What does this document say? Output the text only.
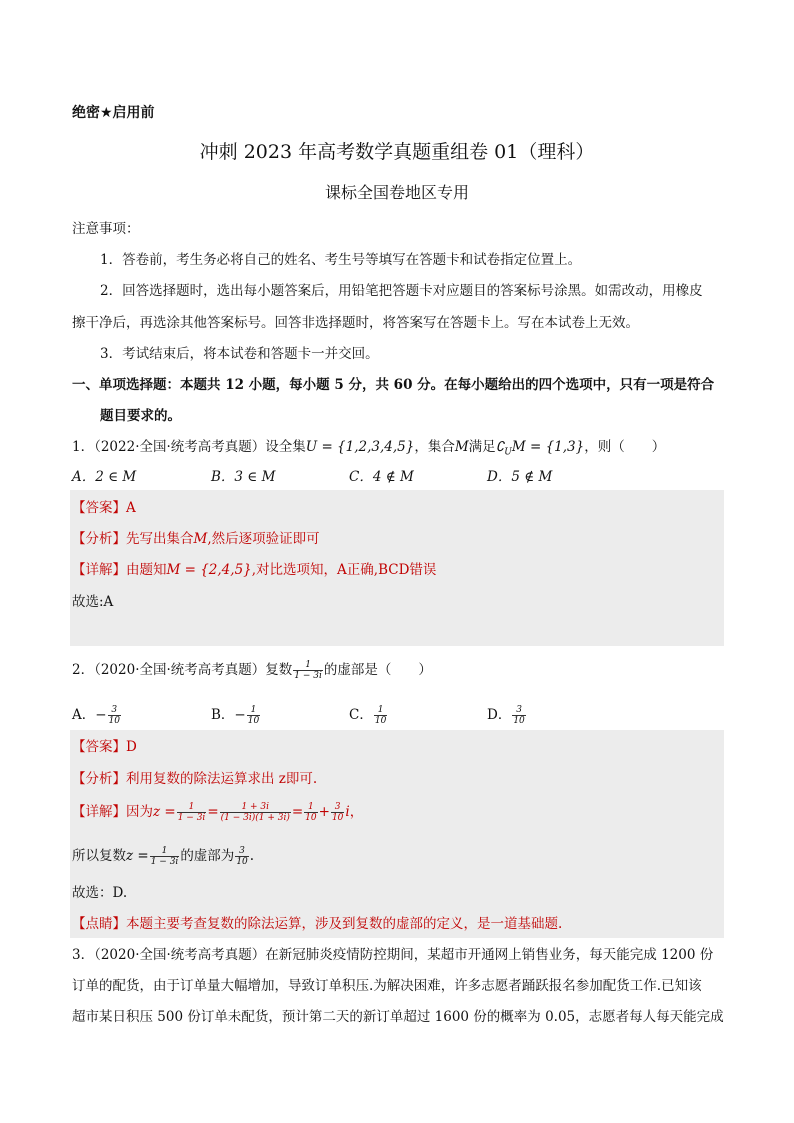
绝密★启用前
冲刺 2023 年高考数学真题重组卷 01（理科）
课标全国卷地区专用
注意事项：
1．答卷前，考生务必将自己的姓名、考生号等填写在答题卡和试卷指定位置上。
2．回答选择题时，选出每小题答案后，用铅笔把答题卡对应题目的答案标号涂黑。如需改动，用橡皮
擦干净后，再选涂其他答案标号。回答非选择题时，将答案写在答题卡上。写在本试卷上无效。
3．考试结束后，将本试卷和答题卡一并交回。
一、单项选择题：本题共 12 小题，每小题 5 分，共 60 分。在每小题给出的四个选项中，只有一项是符合
题目要求的。
1．（2022·全国·统考高考真题）设全集U = {1,2,3,4,5}，集合M满足$∁_UM = \{1,3\}$，则（　　）
A．2 ∈ M	B．3 ∈ M	C．4 ∉ M	D．5 ∉ M
【答案】A
【分析】先写出集合M,然后逐项验证即可
【详解】由题知M = {2,4,5},对比选项知，A正确,BCD错误
故选:A
2．（2020·全国·统考高考真题）复数 $\frac{1}{1 - 3i}$ 的虚部是（　　）
A．− $\frac{3}{10}$	B．− $\frac{1}{10}$	C． $\frac{1}{10}$	D． $\frac{3}{10}$
【答案】D
【分析】利用复数的除法运算求出 z即可.
【详解】因为$z = \frac{1}{1 - 3i} = \frac{1 + 3i}{(1 - 3i)(1 + 3i)} = \frac{1}{10} + \frac{3}{10}$ i，
所以复数$z = \frac{1}{1 - 3i}$ 的虚部为 $\frac{3}{10}$ .
故选：D.
【点睛】本题主要考查复数的除法运算，涉及到复数的虚部的定义，是一道基础题.
3．（2020·全国·统考高考真题）在新冠肺炎疫情防控期间，某超市开通网上销售业务，每天能完成 1200 份
订单的配货，由于订单量大幅增加，导致订单积压.为解决困难，许多志愿者踊跃报名参加配货工作.已知该
超市某日积压 500 份订单未配货，预计第二天的新订单超过 1600 份的概率为 0.05，志愿者每人每天能完成
